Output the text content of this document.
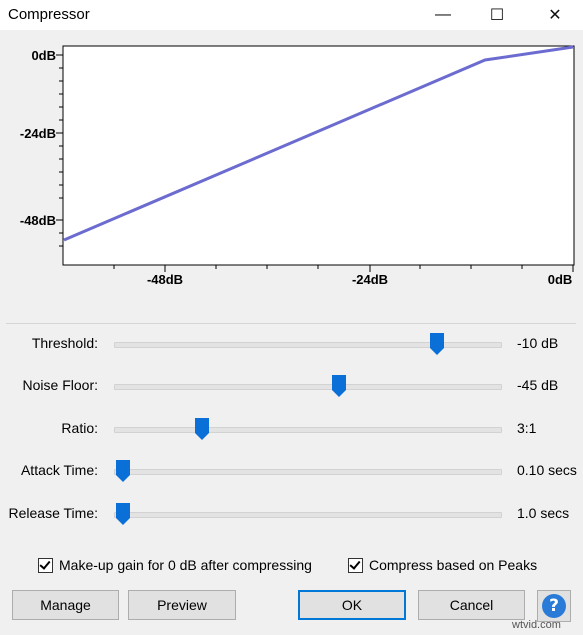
Compressor	— ☐	✕
0dB
-24dB
-48dB
-48dB	-24dB	0dB
Threshold:	-10 dB
Noise Floor:	-45 dB
Ratio:	3:1
Attack Time:	0.10 secs
Release Time:	1.0 secs
Make-up gain for 0 dB after compressing	Compress based on Peaks
Manage	Preview	OK	Cancel	?
wtvid.com
